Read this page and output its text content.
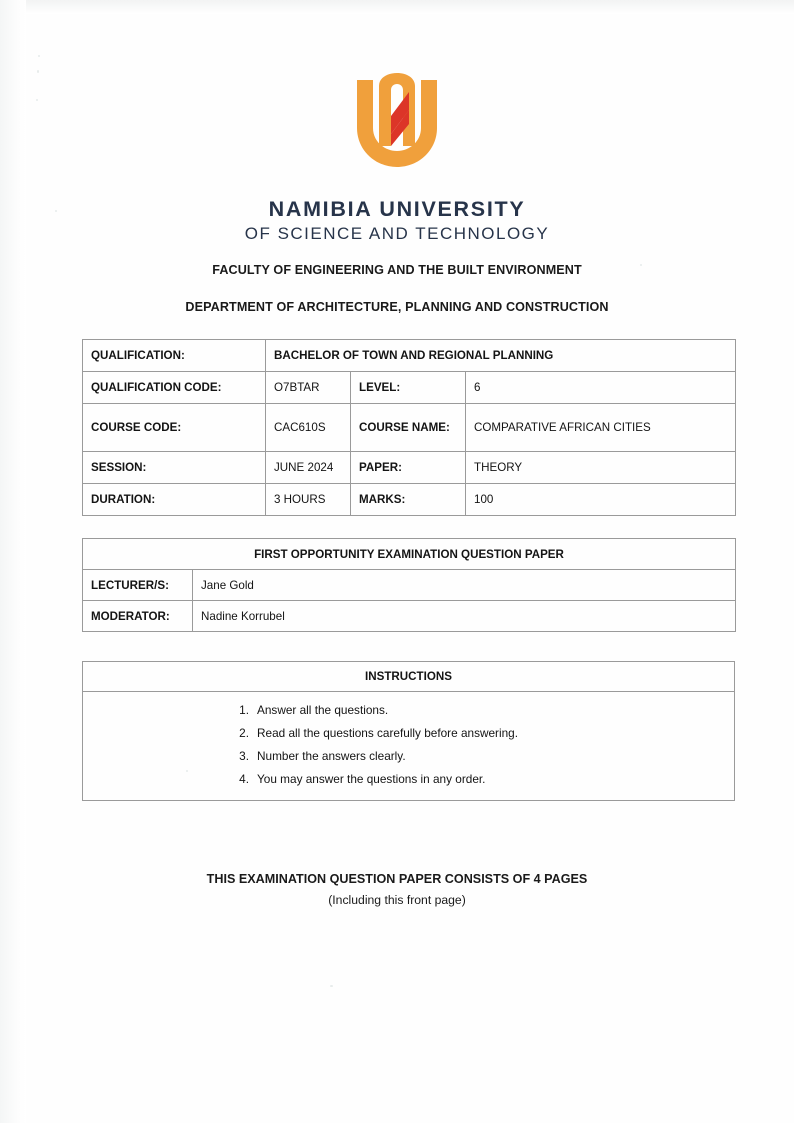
NAMIBIA UNIVERSITY
OF SCIENCE AND TECHNOLOGY
FACULTY OF ENGINEERING AND THE BUILT ENVIRONMENT
DEPARTMENT OF ARCHITECTURE, PLANNING AND CONSTRUCTION
QUALIFICATION:	BACHELOR OF TOWN AND REGIONAL PLANNING		
QUALIFICATION CODE:	O7BTAR	LEVEL:	6
COURSE CODE:	CAC610S	COURSE NAME:	COMPARATIVE AFRICAN CITIES
SESSION:	JUNE 2024	PAPER:	THEORY
DURATION:	3 HOURS	MARKS:	100
FIRST OPPORTUNITY EXAMINATION QUESTION PAPER	
LECTURER/S:	Jane Gold
MODERATOR:	Nadine Korrubel
INSTRUCTIONS

Answer all the questions.
Read all the questions carefully before answering.
Number the answers clearly.
You may answer the questions in any order.
THIS EXAMINATION QUESTION PAPER CONSISTS OF 4 PAGES
(Including this front page)
